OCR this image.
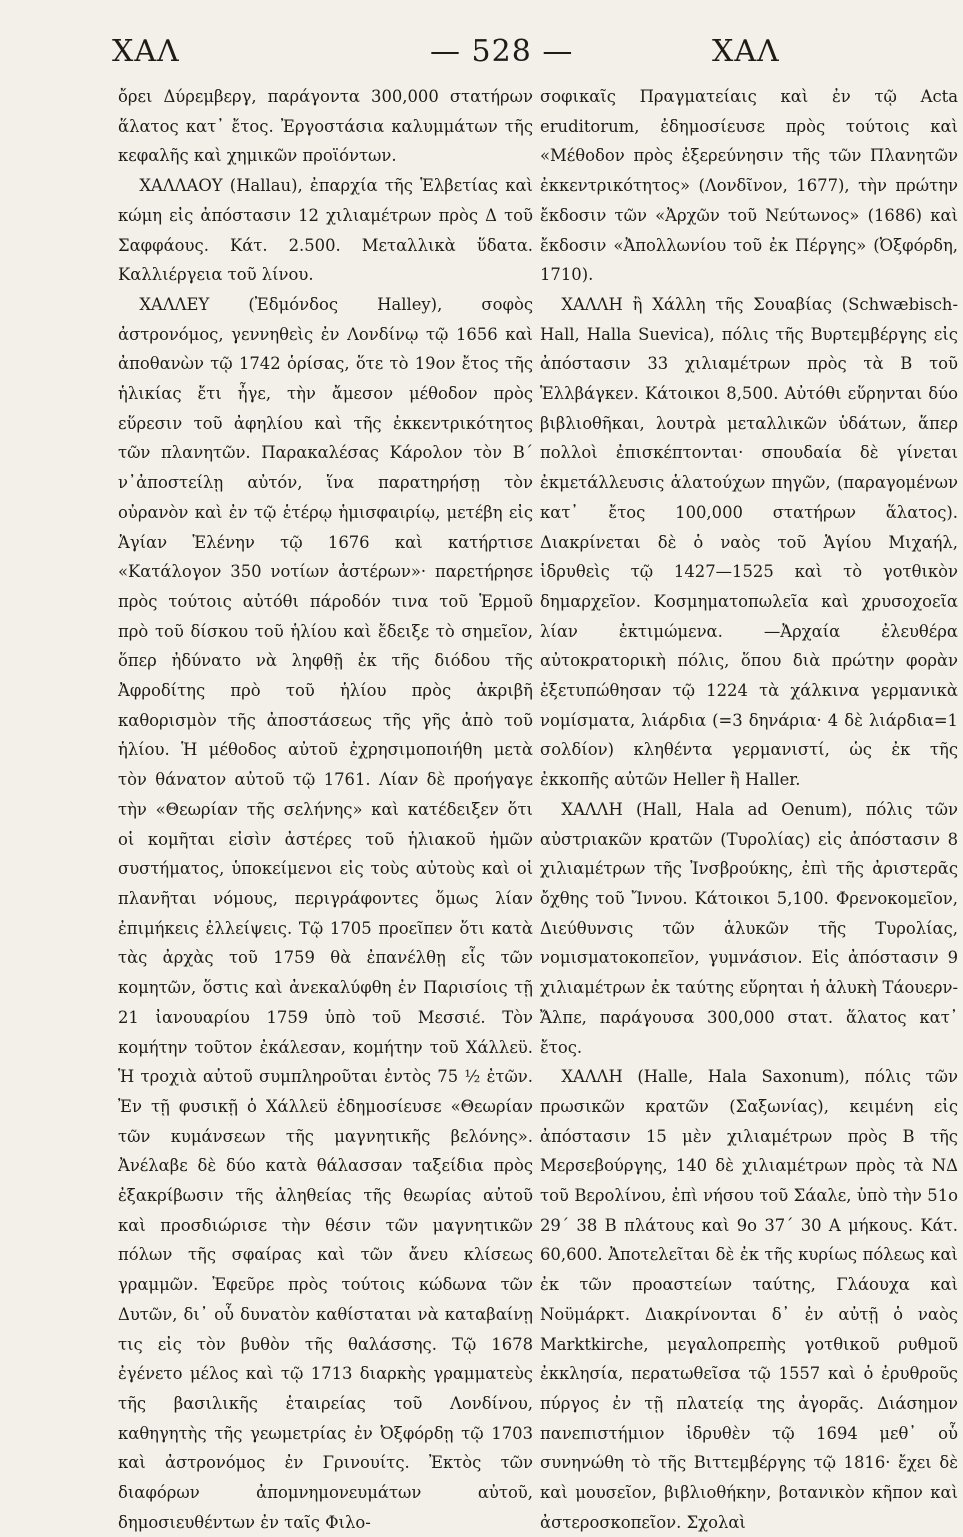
ΧΑΛ	— 528 —	ΧΑΛ

ὄρει Δύρεμβεργ, παράγοντα 300,000 στατήρων ἅλατος κατ᾽ ἔτος. Ἐργοστάσια καλυμμάτων τῆς κεφαλῆς καὶ χημικῶν προϊόντων.

ΧΑΛΛΑΟΥ (Hallau), ἐπαρχία τῆς Ἑλβετίας καὶ κώμη εἰς ἀπόστασιν 12 χιλιαμέτρων πρὸς Δ τοῦ Σαφφάους. Κάτ. 2.500. Μεταλλικὰ ὕδατα. Καλλιέργεια τοῦ λίνου.

ΧΑΛΛΕΥ (Ἐδμόνδος Halley), σοφὸς ἀστρονόμος, γεννηθεὶς ἐν Λονδίνῳ τῷ 1656 καὶ ἀποθανὼν τῷ 1742 ὁρίσας, ὅτε τὸ 19ον ἔτος τῆς ἡλικίας ἔτι ἦγε, τὴν ἄμεσον μέθοδον πρὸς εὕρεσιν τοῦ ἀφηλίου καὶ τῆς ἐκκεντρικότητος τῶν πλανητῶν. Παρακαλέσας Κάρολον τὸν Β´ ν᾽ἀποστείλῃ αὐτόν, ἵνα παρατηρήσῃ τὸν οὐρανὸν καὶ ἐν τῷ ἑτέρῳ ἡμισφαιρίῳ, μετέβη εἰς Ἁγίαν Ἑλένην τῷ 1676 καὶ κατήρτισε «Κατάλογον 350 νοτίων ἀστέρων»· παρετήρησε πρὸς τούτοις αὐτόθι πάροδόν τινα τοῦ Ἑρμοῦ πρὸ τοῦ δίσκου τοῦ ἡλίου καὶ ἔδειξε τὸ σημεῖον, ὅπερ ἠδύνατο νὰ ληφθῇ ἐκ τῆς διόδου τῆς Ἀφροδίτης πρὸ τοῦ ἡλίου πρὸς ἀκριβῆ καθορισμὸν τῆς ἀποστάσεως τῆς γῆς ἀπὸ τοῦ ἡλίου. Ἡ μέθοδος αὐτοῦ ἐχρησιμοποιήθη μετὰ τὸν θάνατον αὐτοῦ τῷ 1761. Λίαν δὲ προήγαγε τὴν «Θεωρίαν τῆς σελήνης» καὶ κατέδειξεν ὅτι οἱ κομῆται εἰσὶν ἀστέρες τοῦ ἡλιακοῦ ἡμῶν συστήματος, ὑποκείμενοι εἰς τοὺς αὐτοὺς καὶ οἱ πλανῆται νόμους, περιγράφοντες ὅμως λίαν ἐπιμήκεις ἐλλείψεις. Τῷ 1705 προεῖπεν ὅτι κατὰ τὰς ἀρχὰς τοῦ 1759 θὰ ἐπανέλθῃ εἷς τῶν κομητῶν, ὅστις καὶ ἀνεκαλύφθη ἐν Παρισίοις τῇ 21 ἰανουαρίου 1759 ὑπὸ τοῦ Μεσσιέ. Τὸν κομήτην τοῦτον ἐκάλεσαν, κομήτην τοῦ Χάλλεϋ. Ἡ τροχιὰ αὐτοῦ συμπληροῦται ἐντὸς 75 ½ ἐτῶν. Ἐν τῇ φυσικῇ ὁ Χάλλεϋ ἐδημοσίευσε «Θεωρίαν τῶν κυμάνσεων τῆς μαγνητικῆς βελόνης». Ἀνέλαβε δὲ δύο κατὰ θάλασσαν ταξείδια πρὸς ἐξακρίβωσιν τῆς ἀληθείας τῆς θεωρίας αὐτοῦ καὶ προσδιώρισε τὴν θέσιν τῶν μαγνητικῶν πόλων τῆς σφαίρας καὶ τῶν ἄνευ κλίσεως γραμμῶν. Ἐφεῦρε πρὸς τούτοις κώδωνα τῶν Δυτῶν, δι᾽ οὗ δυνατὸν καθίσταται νὰ καταβαίνῃ τις εἰς τὸν βυθὸν τῆς θαλάσσης. Τῷ 1678 ἐγένετο μέλος καὶ τῷ 1713 διαρκὴς γραμματεὺς τῆς βασιλικῆς ἑταιρείας τοῦ Λονδίνου, καθηγητὴς τῆς γεωμετρίας ἐν Ὀξφόρδῃ τῷ 1703 καὶ ἀστρονόμος ἐν Γρινουίτς. Ἐκτὸς τῶν διαφόρων ἀπομνημονευμάτων αὐτοῦ, δημοσιευθέντων ἐν ταῖς Φιλο-

σοφικαῖς Πραγματείαις καὶ ἐν τῷ Acta eruditorum, ἐδημοσίευσε πρὸς τούτοις καὶ «Μέθοδον πρὸς ἐξερεύνησιν τῆς τῶν Πλανητῶν ἐκκεντρικότητος» (Λονδῖνον, 1677), τὴν πρώτην ἔκδοσιν τῶν «Ἀρχῶν τοῦ Νεύτωνος» (1686) καὶ ἔκδοσιν «Ἀπολλωνίου τοῦ ἐκ Πέργης» (Ὀξφόρδη, 1710).

ΧΑΛΛΗ ἢ Χάλλη τῆς Σουαβίας (Schwæbisch-Hall, Halla Suevica), πόλις τῆς Βυρτεμβέργης εἰς ἀπόστασιν 33 χιλιαμέτρων πρὸς τὰ Β τοῦ Ἑλλβάγκεν. Κάτοικοι 8,500. Αὐτόθι εὕρηνται δύο βιβλιοθῆκαι, λουτρὰ μεταλλικῶν ὑδάτων, ἅπερ πολλοὶ ἐπισκέπτονται· σπουδαία δὲ γίνεται ἐκμετάλλευσις ἁλατούχων πηγῶν, (παραγομένων κατ᾽ ἔτος 100,000 στατήρων ἅλατος). Διακρίνεται δὲ ὁ ναὸς τοῦ Ἁγίου Μιχαήλ, ἱδρυθεὶς τῷ 1427—1525 καὶ τὸ γοτθικὸν δημαρχεῖον. Κοσμηματοπωλεῖα καὶ χρυσοχοεῖα λίαν ἐκτιμώμενα. —Ἀρχαία ἐλευθέρα αὐτοκρατορικὴ πόλις, ὅπου διὰ πρώτην φορὰν ἐξετυπώθησαν τῷ 1224 τὰ χάλκινα γερμανικὰ νομίσματα, λιάρδια (=3 δηνάρια· 4 δὲ λιάρδια=1 σολδίον) κληθέντα γερμανιστί, ὡς ἐκ τῆς ἐκκοπῆς αὐτῶν Heller ἢ Haller.

ΧΑΛΛΗ (Hall, Hala ad Oenum), πόλις τῶν αὐστριακῶν κρατῶν (Τυρολίας) εἰς ἀπόστασιν 8 χιλιαμέτρων τῆς Ἰνσβρούκης, ἐπὶ τῆς ἀριστερᾶς ὄχθης τοῦ Ἴννου. Κάτοικοι 5,100. Φρενοκομεῖον, Διεύθυνσις τῶν ἁλυκῶν τῆς Τυρολίας, νομισματοκοπεῖον, γυμνάσιον. Εἰς ἀπόστασιν 9 χιλιαμέτρων ἐκ ταύτης εὕρηται ἡ ἁλυκὴ Τάουερν-Ἄλπε, παράγουσα 300,000 στατ. ἅλατος κατ᾽ ἔτος.

ΧΑΛΛΗ (Halle, Hala Saxonum), πόλις τῶν πρωσικῶν κρατῶν (Σαξωνίας), κειμένη εἰς ἀπόστασιν 15 μὲν χιλιαμέτρων πρὸς Β τῆς Μερσεβούργης, 140 δὲ χιλιαμέτρων πρὸς τὰ ΝΔ τοῦ Βερολίνου, ἐπὶ νήσου τοῦ Σάαλε, ὑπὸ τὴν 51ο 29´ 38 Β πλάτους καὶ 9ο 37´ 30 Α μήκους. Κάτ. 60,600. Ἀποτελεῖται δὲ ἐκ τῆς κυρίως πόλεως καὶ ἐκ τῶν προαστείων ταύτης, Γλάουχα καὶ Νοϋμάρκτ. Διακρίνονται δ᾽ ἐν αὐτῇ ὁ ναὸς Marktkirche, μεγαλοπρεπὴς γοτθικοῦ ρυθμοῦ ἐκκλησία, περατωθεῖσα τῷ 1557 καὶ ὁ ἐρυθροῦς πύργος ἐν τῇ πλατείᾳ της ἀγορᾶς. Διάσημον πανεπιστήμιον ἱδρυθὲν τῷ 1694 μεθ᾽ οὗ συνηνώθη τὸ τῆς Βιττεμβέργης τῷ 1816· ἔχει δὲ καὶ μουσεῖον, βιβλιοθήκην, βοτανικὸν κῆπον καὶ ἀστεροσκοπεῖον. Σχολαὶ
